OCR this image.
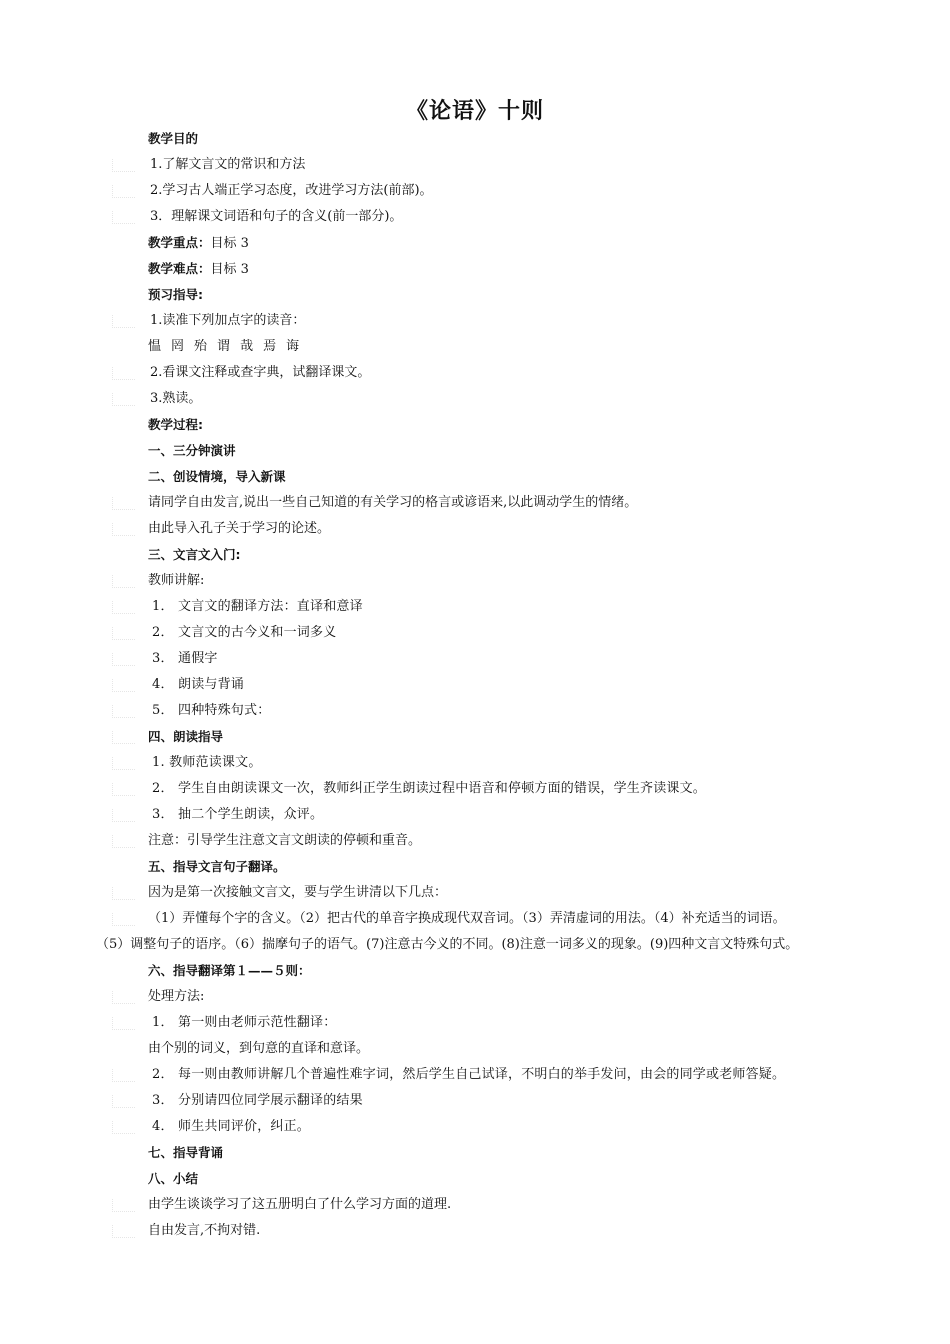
《论语》十则
教学目的
1.了解文言文的常识和方法
2.学习古人端正学习态度，改进学习方法(前部)。
3．理解课文词语和句子的含义(前一部分)。
教学重点：目标 3
教学难点：目标 3
预习指导:
1.读准下列加点字的读音：
愠 罔 殆 谓 哉 焉 诲
2.看课文注释或查字典，试翻译课文。
3.熟读。
教学过程:
一、三分钟演讲
二、创设情境，导入新课
请同学自由发言,说出一些自己知道的有关学习的格言或谚语来,以此调动学生的情绪。
由此导入孔子关于学习的论述。
三、文言文入门:
教师讲解:
1． 文言文的翻译方法：直译和意译
2． 文言文的古今义和一词多义
3． 通假字
4． 朗读与背诵
5． 四种特殊句式：
四、朗读指导
1. 教师范读课文。
2． 学生自由朗读课文一次，教师纠正学生朗读过程中语音和停顿方面的错误，学生齐读课文。
3． 抽二个学生朗读，众评。
注意：引导学生注意文言文朗读的停顿和重音。
五、指导文言句子翻译。
因为是第一次接触文言文，要与学生讲清以下几点：
（1）弄懂每个字的含义。（2）把古代的单音字换成现代双音词。（3）弄清虚词的用法。（4）补充适当的词语。
（5）调整句子的语序。（6）揣摩句子的语气。(7)注意古今义的不同。(8)注意一词多义的现象。(9)四种文言文特殊句式。
六、指导翻译第１——５则：
处理方法:
1． 第一则由老师示范性翻译：
由个别的词义，到句意的直译和意译。
2． 每一则由教师讲解几个普遍性难字词，然后学生自己试译，不明白的举手发问，由会的同学或老师答疑。
3． 分别请四位同学展示翻译的结果
4． 师生共同评价，纠正。
七、指导背诵
八、小结
由学生谈谈学习了这五册明白了什么学习方面的道理.
自由发言,不拘对错.
